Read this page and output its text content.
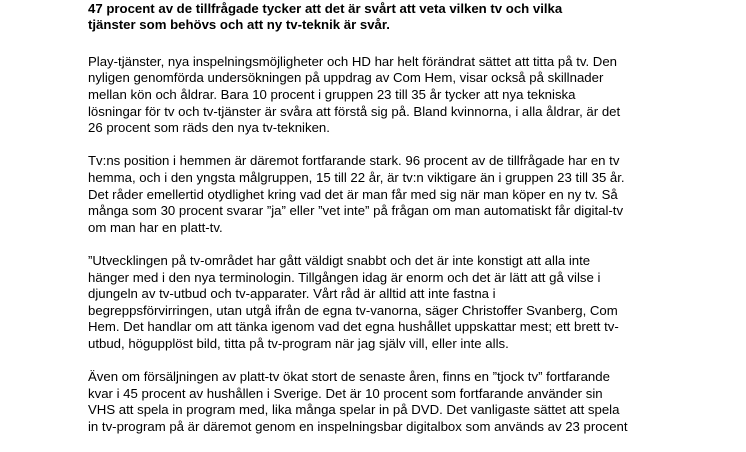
47 procent av de tillfrågade tycker att det är svårt att veta vilken tv och vilka
tjänster som behövs och att ny tv-teknik är svår.

Play-tjänster, nya inspelningsmöjligheter och HD har helt förändrat sättet att titta på tv. Den
nyligen genomförda undersökningen på uppdrag av Com Hem, visar också på skillnader
mellan kön och åldrar. Bara 10 procent i gruppen 23 till 35 år tycker att nya tekniska
lösningar för tv och tv-tjänster är svåra att förstå sig på. Bland kvinnorna, i alla åldrar, är det
26 procent som räds den nya tv-tekniken.

Tv:ns position i hemmen är däremot fortfarande stark. 96 procent av de tillfrågade har en tv
hemma, och i den yngsta målgruppen, 15 till 22 år, är tv:n viktigare än i gruppen 23 till 35 år.
Det råder emellertid otydlighet kring vad det är man får med sig när man köper en ny tv. Så
många som 30 procent svarar ”ja” eller ”vet inte” på frågan om man automatiskt får digital-tv
om man har en platt-tv.

”Utvecklingen på tv-området har gått väldigt snabbt och det är inte konstigt att alla inte
hänger med i den nya terminologin. Tillgången idag är enorm och det är lätt att gå vilse i
djungeln av tv-utbud och tv-apparater. Vårt råd är alltid att inte fastna i
begreppsförvirringen, utan utgå ifrån de egna tv-vanorna, säger Christoffer Svanberg, Com
Hem. Det handlar om att tänka igenom vad det egna hushållet uppskattar mest; ett brett tv-
utbud, högupplöst bild, titta på tv-program när jag själv vill, eller inte alls.

Även om försäljningen av platt-tv ökat stort de senaste åren, finns en ”tjock tv” fortfarande
kvar i 45 procent av hushållen i Sverige. Det är 10 procent som fortfarande använder sin
VHS att spela in program med, lika många spelar in på DVD. Det vanligaste sättet att spela
in tv-program på är däremot genom en inspelningsbar digitalbox som används av 23 procent
